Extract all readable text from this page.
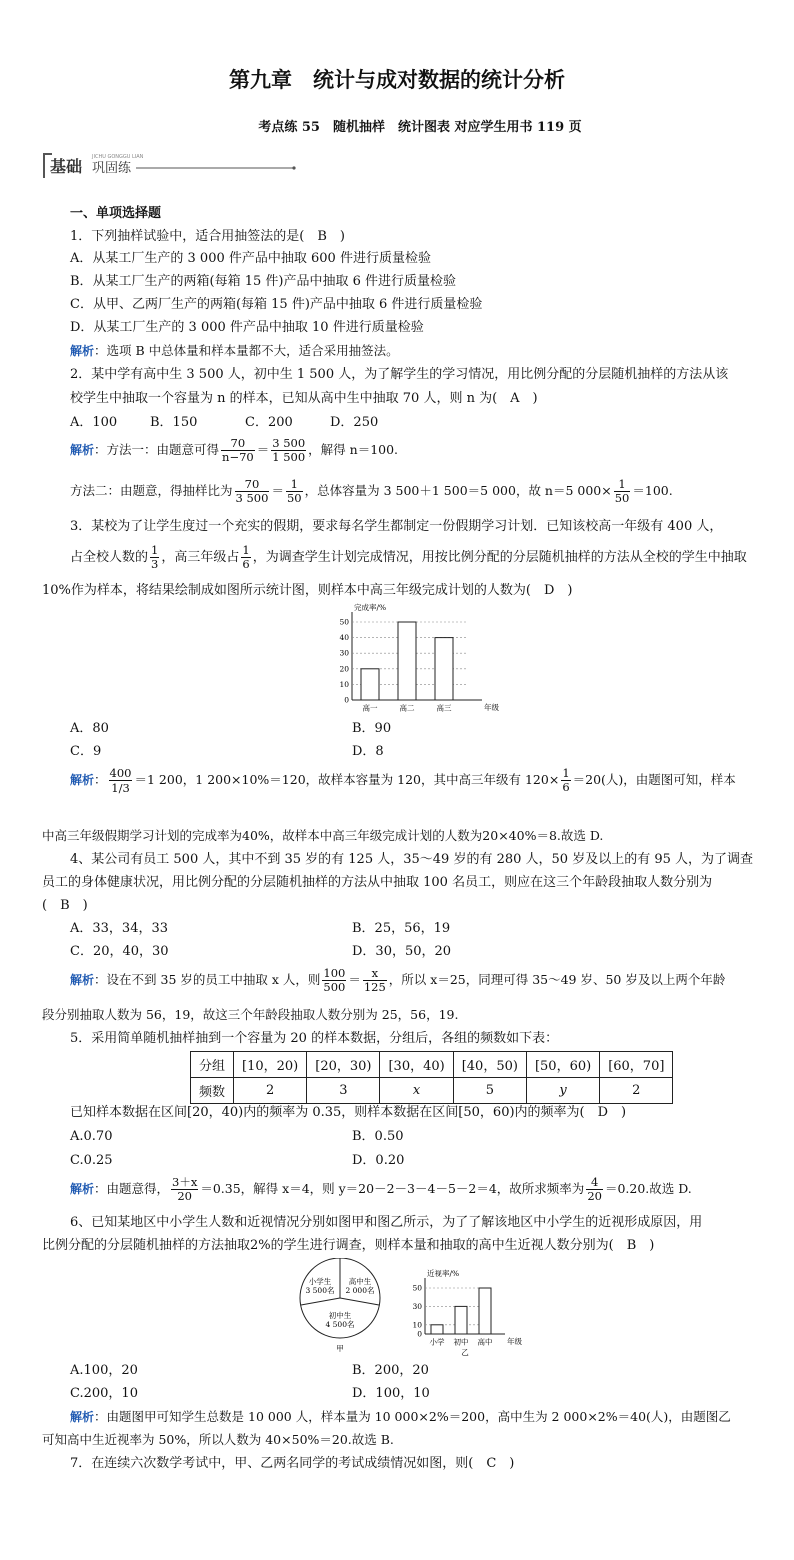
第九章　统计与成对数据的统计分析
考点练 55　随机抽样　统计图表 对应学生用书 119 页
基础 巩固练
JICHU GONGGU LIAN
一、单项选择题
1．下列抽样试验中，适合用抽签法的是(　B　)
A．从某工厂生产的 3 000 件产品中抽取 600 件进行质量检验
B．从某工厂生产的两箱(每箱 15 件)产品中抽取 6 件进行质量检验
C．从甲、乙两厂生产的两箱(每箱 15 件)产品中抽取 6 件进行质量检验
D．从某工厂生产的 3 000 件产品中抽取 10 件进行质量检验
解析：选项 B 中总体量和样本量都不大，适合采用抽签法。
2．某中学有高中生 3 500 人，初中生 1 500 人，为了解学生的学习情况，用比例分配的分层随机抽样的方法从该
校学生中抽取一个容量为 n 的样本，已知从高中生中抽取 70 人，则 n 为(　A　)
A．100	B．150	C．200	D．250
解析：方法一：由题意可得 $\frac{70}{n-70} = \frac{3 500}{1 500}$ ，解得 n＝100.
方法二：由题意，得抽样比为 $\frac{70}{3 500} = \frac{1}{50}$ ，总体容量为 3 500＋1 500＝5 000，故 n＝5 $000\times \frac{1}{50} =100$.
3．某校为了让学生度过一个充实的假期，要求每名学生都制定一份假期学习计划．已知该校高一年级有 400 人，
占全校人数的 $\frac{1}{3}$ ，高三年级占 $\frac{1}{6}$ ，为调查学生计划完成情况，用按比例分配的分层随机抽样的方法从全校的学生中抽取
10%作为样本，将结果绘制成如图所示统计图，则样本中高三年级完成计划的人数为(　D　)
完成率/%
年级
0
10
20
30
40
50
高一	高二	高三
A．80	B．90
C．9	D．8
解析： $\frac{400}{1/3} =1$ 200，1 200×10%＝120，故样本容量为 120，其中高三年级有 $120\times \frac{1}{6} =20$(人)，由题图可知，样本
中高三年级假期学习计划的完成率为40%，故样本中高三年级完成计划的人数为20×40%＝8.故选 D.
4、某公司有员工 500 人，其中不到 35 岁的有 125 人，35～49 岁的有 280 人，50 岁及以上的有 95 人，为了调查
员工的身体健康状况，用比例分配的分层随机抽样的方法从中抽取 100 名员工，则应在这三个年龄段抽取人数分别为
(　B　)
A．33，34，33	B．25，56，19
C．20，40，30	D．30，50，20
解析：设在不到 35 岁的员工中抽取 x 人，则 $\frac{100}{500} = \frac{x}{125}$ ，所以 x＝25，同理可得 35～49 岁、50 岁及以上两个年龄
段分别抽取人数为 56，19，故这三个年龄段抽取人数分别为 25，56，19.
5．采用简单随机抽样抽到一个容量为 20 的样本数据，分组后，各组的频数如下表：
分组	[10，20)	[20，30)	[30，40)	[40，50)	[50，60)	[60，70]
频数	2	3	x	5	y	2
已知样本数据在区间[20，40)内的频率为 0.35，则样本数据在区间[50，60)内的频率为(　D　)
A.0.70	B．0.50
C.0.25	D．0.20
解析：由题意得， $\frac{3+x}{20} =0.35$，解得 x＝4，则 y＝20－2－3－4－5－2＝4，故所求频率为 $\frac{4}{20} =0.20$.故选 D.
6、已知某地区中小学生人数和近视情况分别如图甲和图乙所示，为了了解该地区中小学生的近视形成原因，用
比例分配的分层随机抽样的方法抽取2%的学生进行调查，则样本量和抽取的高中生近视人数分别为(　B　)
小学生
3 500名
高中生
2 000名
初中生
4 500名
甲
近视率/%
年级
0
10
30
50
小学 初中 高中
乙
A.100，20	B．200，20
C.200，10	D．100，10
解析：由题图甲可知学生总数是 10 000 人，样本量为 10 000×2%＝200，高中生为 2 000×2%＝40(人)，由题图乙
可知高中生近视率为 50%，所以人数为 40×50%＝20.故选 B.
7．在连续六次数学考试中，甲、乙两名同学的考试成绩情况如图，则(　C　)
